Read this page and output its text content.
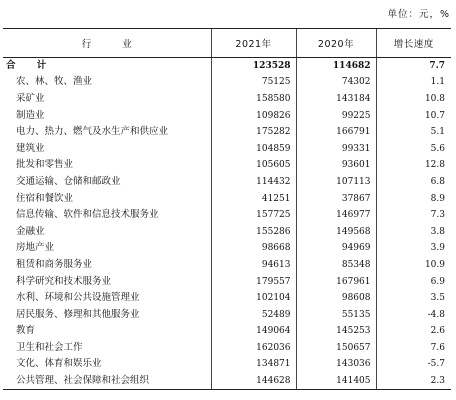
单位：元，%
行 业	2021年	2020年	增长速度
合 计	123528	114682	7.7
农、林、牧、渔业	75125	74302	1.1
采矿业	158580	143184	10.8
制造业	109826	99225	10.7
电力、热力、燃气及水生产和供应业	175282	166791	5.1
建筑业	104859	99331	5.6
批发和零售业	105605	93601	12.8
交通运输、仓储和邮政业	114432	107113	6.8
住宿和餐饮业	41251	37867	8.9
信息传输、软件和信息技术服务业	157725	146977	7.3
金融业	155286	149568	3.8
房地产业	98668	94969	3.9
租赁和商务服务业	94613	85348	10.9
科学研究和技术服务业	179557	167961	6.9
水利、环境和公共设施管理业	102104	98608	3.5
居民服务、修理和其他服务业	52489	55135	-4.8
教育	149064	145253	2.6
卫生和社会工作	162036	150657	7.6
文化、体育和娱乐业	134871	143036	-5.7
公共管理、社会保障和社会组织	144628	141405	2.3
